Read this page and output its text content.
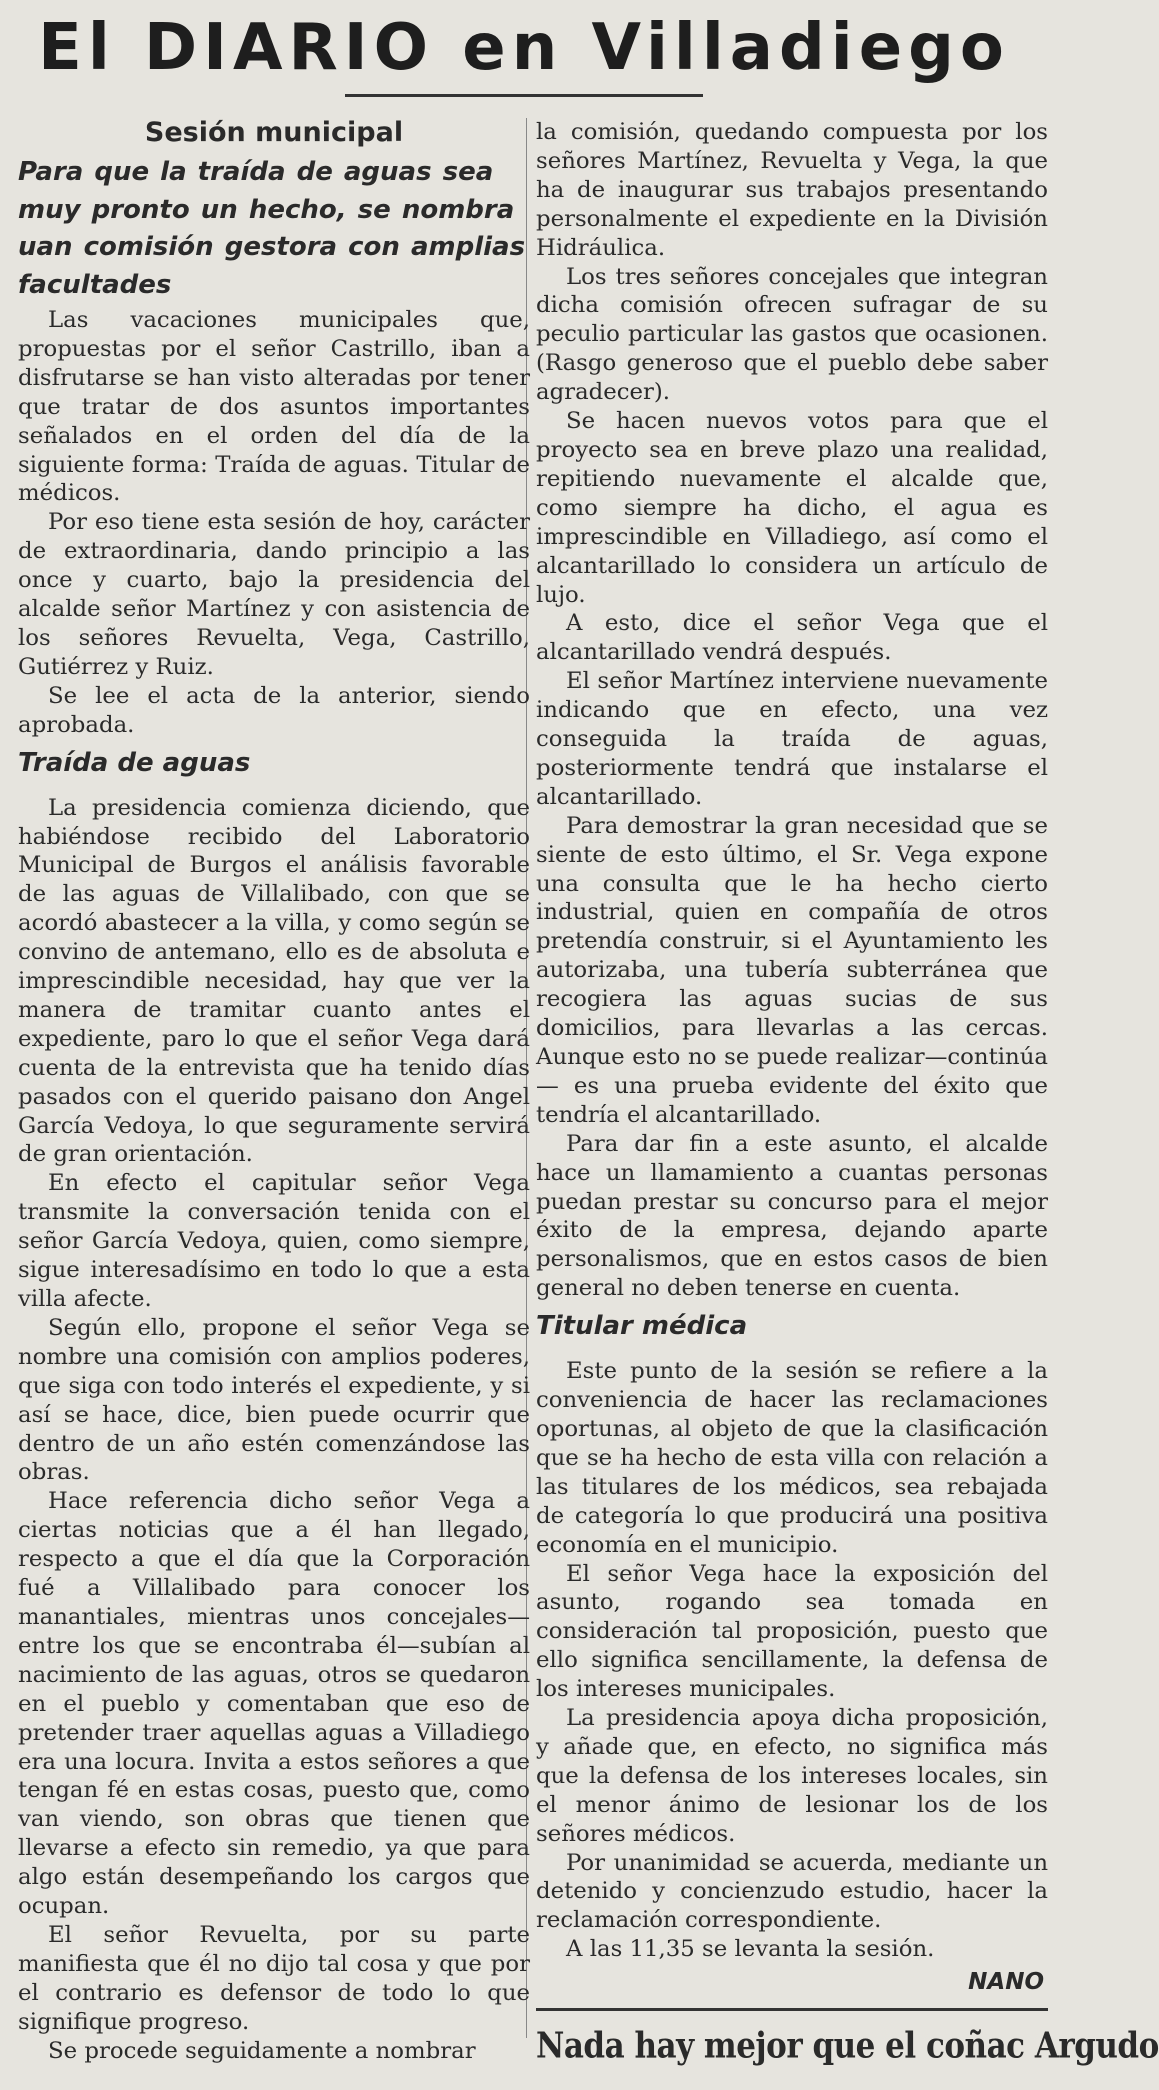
El DIARIO en Villadiego
Sesión municipal
Para que la traída de aguas sea muy pronto un hecho, se nombra uan comisión gestora con amplias facultades

Las vacaciones municipales que, propuestas por el señor Castrillo, iban a disfrutarse se han visto alteradas por tener que tratar de dos asuntos importantes señalados en el orden del día de la siguiente forma: Traída de aguas. Titular de médicos.

Por eso tiene esta sesión de hoy, carácter de extraordinaria, dando principio a las once y cuarto, bajo la presidencia del alcalde señor Martínez y con asistencia de los señores Revuelta, Vega, Castrillo, Gutiérrez y Ruiz.

Se lee el acta de la anterior, siendo aprobada.

Traída de aguas

La presidencia comienza diciendo, que habiéndose recibido del Laboratorio Municipal de Burgos el análisis favorable de las aguas de Villalibado, con que se acordó abastecer a la villa, y como según se convino de antemano, ello es de absoluta e imprescindible necesidad, hay que ver la manera de tramitar cuanto antes el expediente, paro lo que el señor Vega dará cuenta de la entrevista que ha tenido días pasados con el querido paisano don Angel García Vedoya, lo que seguramente servirá de gran orientación.

En efecto el capitular señor Vega transmite la conversación tenida con el señor García Vedoya, quien, como siempre, sigue interesadísimo en todo lo que a esta villa afecte.

Según ello, propone el señor Vega se nombre una comisión con amplios poderes, que siga con todo interés el expediente, y si así se hace, dice, bien puede ocurrir que dentro de un año estén comenzándose las obras.

Hace referencia dicho señor Vega a ciertas noticias que a él han llegado, respecto a que el día que la Corporación fué a Villalibado para conocer los manantiales, mientras unos concejales—entre los que se encontraba él—subían al nacimiento de las aguas, otros se quedaron en el pueblo y comentaban que eso de pretender traer aquellas aguas a Villadiego era una locura. Invita a estos señores a que tengan fé en estas cosas, puesto que, como van viendo, son obras que tienen que llevarse a efecto sin remedio, ya que para algo están desempeñando los cargos que ocupan.

El señor Revuelta, por su parte manifiesta que él no dijo tal cosa y que por el contrario es defensor de todo lo que signifique progreso.

Se procede seguidamente a nombrar

la comisión, quedando compuesta por los señores Martínez, Revuelta y Vega, la que ha de inaugurar sus trabajos presentando personalmente el expediente en la División Hidráulica.

Los tres señores concejales que integran dicha comisión ofrecen sufragar de su peculio particular las gastos que ocasionen. (Rasgo generoso que el pueblo debe saber agradecer).

Se hacen nuevos votos para que el proyecto sea en breve plazo una realidad, repitiendo nuevamente el alcalde que, como siempre ha dicho, el agua es imprescindible en Villadiego, así como el alcantarillado lo considera un artículo de lujo.

A esto, dice el señor Vega que el alcantarillado vendrá después.

El señor Martínez interviene nuevamente indicando que en efecto, una vez conseguida la traída de aguas, posteriormente tendrá que instalarse el alcantarillado.

Para demostrar la gran necesidad que se siente de esto último, el Sr. Vega expone una consulta que le ha hecho cierto industrial, quien en compañía de otros pretendía construir, si el Ayuntamiento les autorizaba, una tubería subterránea que recogiera las aguas sucias de sus domicilios, para llevarlas a las cercas. Aunque esto no se puede realizar—continúa— es una prueba evidente del éxito que tendría el alcantarillado.

Para dar fin a este asunto, el alcalde hace un llamamiento a cuantas personas puedan prestar su concurso para el mejor éxito de la empresa, dejando aparte personalismos, que en estos casos de bien general no deben tenerse en cuenta.

Titular médica

Este punto de la sesión se refiere a la conveniencia de hacer las reclamaciones oportunas, al objeto de que la clasificación que se ha hecho de esta villa con relación a las titulares de los médicos, sea rebajada de categoría lo que producirá una positiva economía en el municipio.

El señor Vega hace la exposición del asunto, rogando sea tomada en consideración tal proposición, puesto que ello significa sencillamente, la defensa de los intereses municipales.

La presidencia apoya dicha proposición, y añade que, en efecto, no significa más que la defensa de los intereses locales, sin el menor ánimo de lesionar los de los señores médicos.

Por unanimidad se acuerda, mediante un detenido y concienzudo estudio, hacer la reclamación correspondiente.

A las 11,35 se levanta la sesión.

NANO
Nada hay mejor que el coñac Argudo
